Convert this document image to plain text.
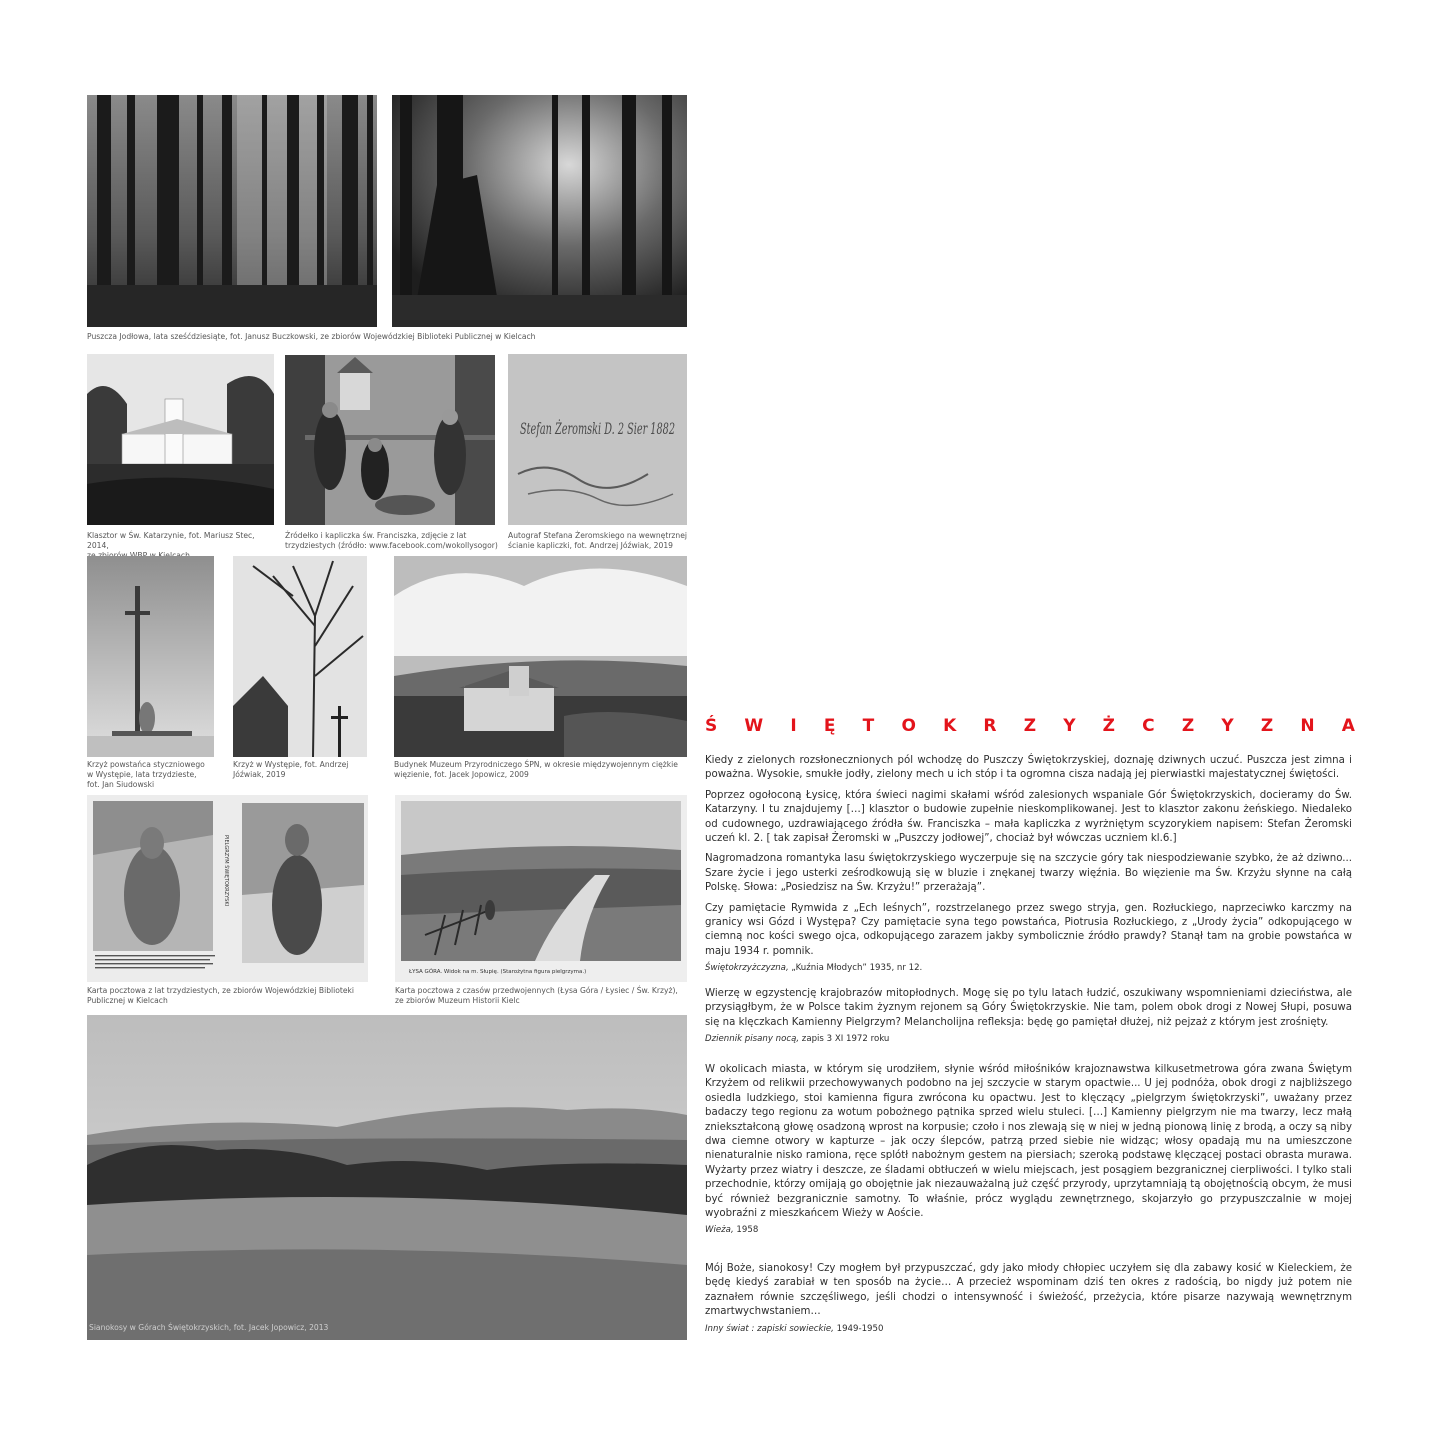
Puszcza Jodłowa, lata sześćdziesiąte, fot. Janusz Buczkowski, ze zbiorów Wojewódzkiej Biblioteki Publicznej w Kielcach
Stefan Żeromski D. 2 Sier 1882
Klasztor w Św. Katarzynie, fot. Mariusz Stec, 2014,
Źródełko i kapliczka św. Franciszka, zdjęcie z lat
trzydziestych (źródło: www.facebook.com/wokollysogor)
Autograf Stefana Żeromskiego na wewnętrznej
ścianie kapliczki, fot. Andrzej Jóźwiak, 2019
Krzyż powstańca styczniowego
w Występie, lata trzydzieste,
fot. Jan Siudowski
Krzyż w Występie, fot. Andrzej
Jóźwiak, 2019
Budynek Muzeum Przyrodniczego ŚPN, w okresie międzywojennym ciężkie
więzienie, fot. Jacek Jopowicz, 2009
PIELGRZYM ŚWIĘTOKRZYSKI
ŁYSA GÓRA. Widok na m. Słupię. (Starożytna figura pielgrzyma.)
Karta pocztowa z lat trzydziestych, ze zbiorów Wojewódzkiej Biblioteki
Publicznej w Kielcach
Karta pocztowa z czasów przedwojennych (Łysa Góra / Łysiec / Św. Krzyż),
ze zbiorów Muzeum Historii Kielc
Sianokosy w Górach Świętokrzyskich, fot. Jacek Jopowicz, 2013
Ś W I Ę T O K R Z Y Ż C Z Y Z N A

Kiedy z zielonych rozsłonecznionych pól wchodzę do Puszczy Świętokrzyskiej, doznaję dziwnych uczuć. Puszcza jest zimna i poważna. Wysokie, smukłe jodły, zielony mech u ich stóp i ta ogromna cisza nadają jej pierwiastki majestatycznej świętości.

Poprzez ogołoconą Łysicę, która świeci nagimi skałami wśród zalesionych wspaniale Gór Świętokrzyskich, docieramy do Św. Katarzyny. I tu znajdujemy […] klasztor o budowie zupełnie nieskomplikowanej. Jest to klasztor zakonu żeńskiego. Niedaleko od cudownego, uzdrawiającego źródła św. Franciszka – mała kapliczka z wyrżniętym scyzorykiem napisem: Stefan Żeromski uczeń kl. 2. [ tak zapisał Żeromski w „Puszczy jodłowej”, chociaż był wówczas uczniem kl.6.]

Nagromadzona romantyka lasu świętokrzyskiego wyczerpuje się na szczycie góry tak niespodziewanie szybko, że aż dziwno... Szare życie i jego usterki ześrodkowują się w bluzie i znękanej twarzy więźnia. Bo więzienie ma Św. Krzyżu słynne na całą Polskę. Słowa: „Posiedzisz na Św. Krzyżu!” przerażają”.

Czy pamiętacie Rymwida z „Ech leśnych”, rozstrzelanego przez swego stryja, gen. Rozłuckiego, naprzeciwko karczmy na granicy wsi Gózd i Występa? Czy pamiętacie syna tego powstańca, Piotrusia Rozłuckiego, z „Urody życia” odkopującego w ciemną noc kości swego ojca, odkopującego zarazem jakby symbolicznie źródło prawdy? Stanął tam na grobie powstańca w maju 1934 r. pomnik.

Świętokrzyżczyzna, „Kuźnia Młodych” 1935, nr 12.

Wierzę w egzystencję krajobrazów mitopłodnych. Mogę się po tylu latach łudzić, oszukiwany wspomnieniami dzieciństwa, ale przysiągłbym, że w Polsce takim żyznym rejonem są Góry Świętokrzyskie. Nie tam, polem obok drogi z Nowej Słupi, posuwa się na klęczkach Kamienny Pielgrzym? Melancholijna refleksja: będę go pamiętał dłużej, niż pejzaż z którym jest zrośnięty.

Dziennik pisany nocą, zapis 3 XI 1972 roku

W okolicach miasta, w którym się urodziłem, słynie wśród miłośników krajoznawstwa kilkusetmetrowa góra zwana Świętym Krzyżem od relikwii przechowywanych podobno na jej szczycie w starym opactwie... U jej podnóża, obok drogi z najbliższego osiedla ludzkiego, stoi kamienna figura zwrócona ku opactwu. Jest to klęczący „pielgrzym świętokrzyski”, uważany przez badaczy tego regionu za wotum pobożnego pątnika sprzed wielu stuleci. […] Kamienny pielgrzym nie ma twarzy, lecz małą zniekształconą głowę osadzoną wprost na korpusie; czoło i nos zlewają się w niej w jedną pionową linię z brodą, a oczy są niby dwa ciemne otwory w kapturze – jak oczy ślepców, patrzą przed siebie nie widząc; włosy opadają mu na umieszczone nienaturalnie nisko ramiona, ręce splótł nabożnym gestem na piersiach; szeroką podstawę klęczącej postaci obrasta murawa. Wyżarty przez wiatry i deszcze, ze śladami obtłuczeń w wielu miejscach, jest posągiem bezgranicznej cierpliwości. I tylko stali przechodnie, którzy omijają go obojętnie jak niezauważalną już część przyrody, uprzytamniają tą obojętnością obcym, że musi być również bezgranicznie samotny. To właśnie, prócz wyglądu zewnętrznego, skojarzyło go przypuszczalnie w mojej wyobraźni z mieszkańcem Wieży w Aoście.

Wieża, 1958

Mój Boże, sianokosy! Czy mogłem był przypuszczać, gdy jako młody chłopiec uczyłem się dla zabawy kosić w Kieleckiem, że będę kiedyś zarabiał w ten sposób na życie… A przecież wspominam dziś ten okres z radością, bo nigdy już potem nie zaznałem równie szczęśliwego, jeśli chodzi o intensywność i świeżość, przeżycia, które pisarze nazywają wewnętrznym zmartwychwstaniem…

Inny świat : zapiski sowieckie, 1949-1950
